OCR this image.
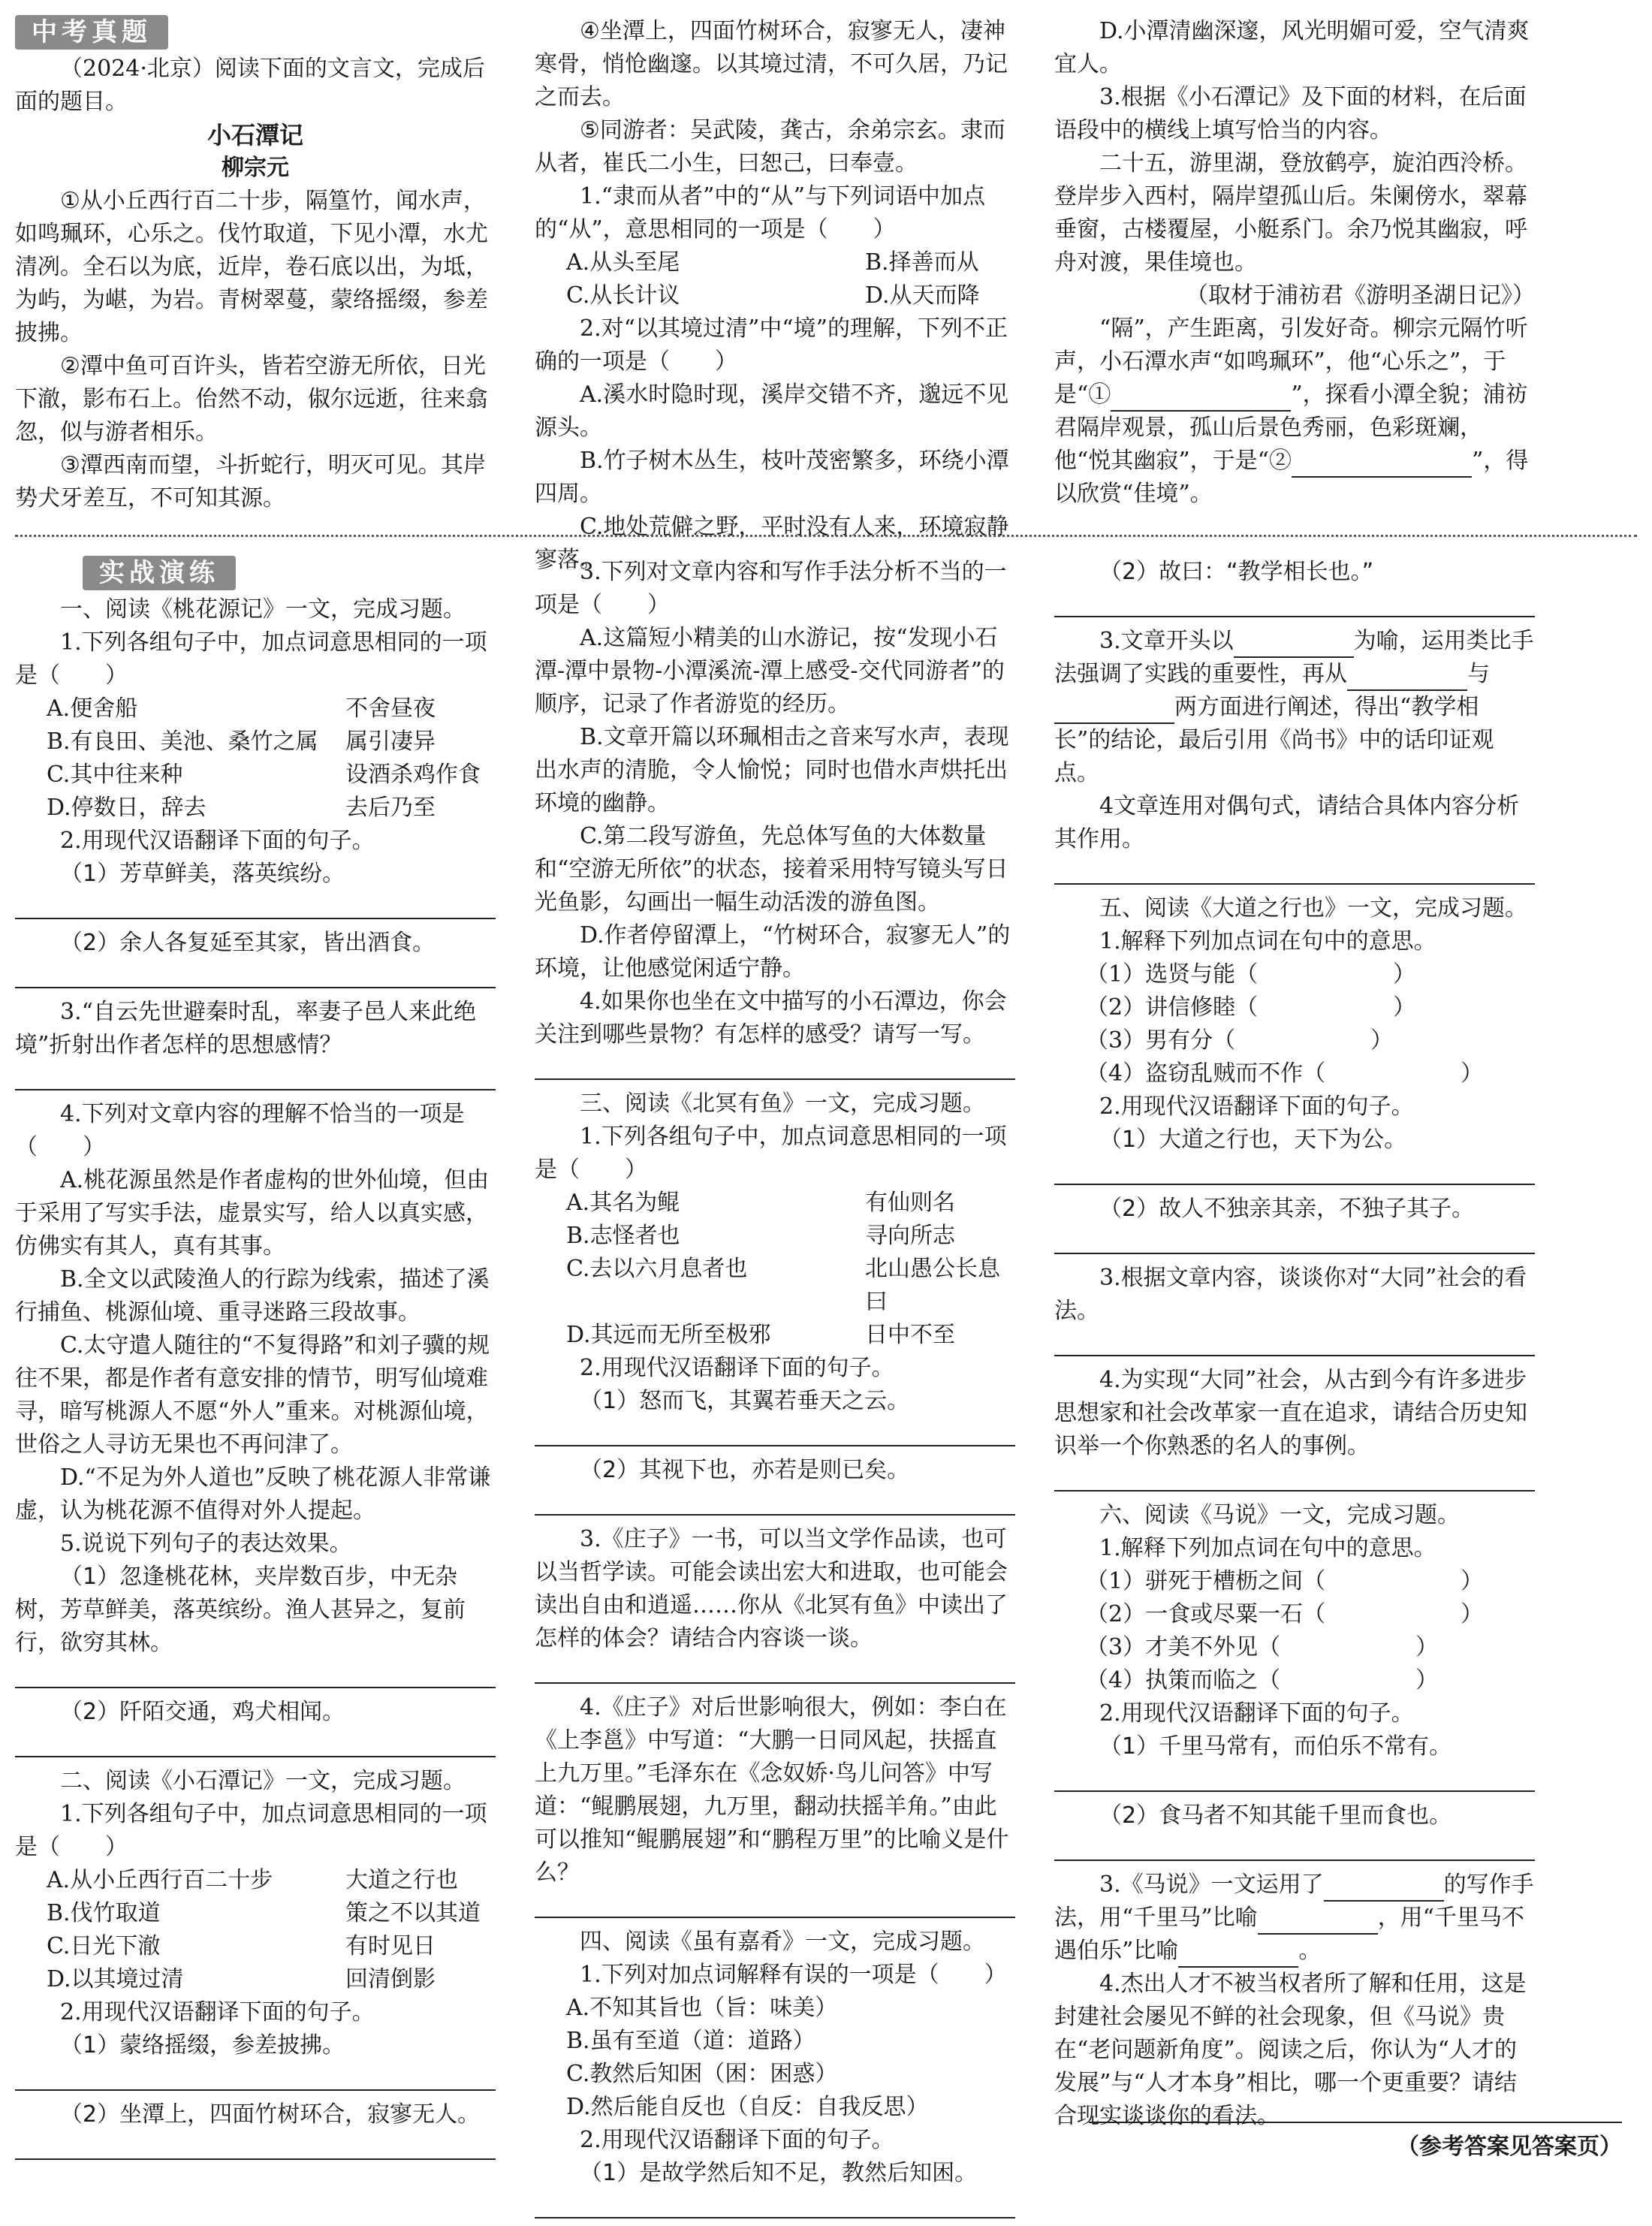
中考真题

（2024·北京）阅读下面的文言文，完成后面的题目。

小石潭记

柳宗元

①从小丘西行百二十步，隔篁竹，闻水声，如鸣珮环，心乐之。伐竹取道，下见小潭，水尤清冽。全石以为底，近岸，卷石底以出，为坻，为屿，为嵁，为岩。青树翠蔓，蒙络摇缀，参差披拂。

②潭中鱼可百许头，皆若空游无所依，日光下澈，影布石上。佁然不动，俶尔远逝，往来翕忽，似与游者相乐。

③潭西南而望，斗折蛇行，明灭可见。其岸势犬牙差互，不可知其源。

④坐潭上，四面竹树环合，寂寥无人，凄神寒骨，悄怆幽邃。以其境过清，不可久居，乃记之而去。

⑤同游者：吴武陵，龚古，余弟宗玄。隶而从者，崔氏二小生，曰恕己，曰奉壹。

1.“隶而从者”中的“从”与下列词语中加点的“从”，意思相同的一项是（　　）

A.从头至尾	B.择善而从
C.从长计议	D.从天而降

2.对“以其境过清”中“境”的理解，下列不正确的一项是（　　）

A.溪水时隐时现，溪岸交错不齐，邈远不见源头。

B.竹子树木丛生，枝叶茂密繁多，环绕小潭四周。

C.地处荒僻之野，平时没有人来，环境寂静寥落。

D.小潭清幽深邃，风光明媚可爱，空气清爽宜人。

3.根据《小石潭记》及下面的材料，在后面语段中的横线上填写恰当的内容。

二十五，游里湖，登放鹤亭，旋泊西泠桥。登岸步入西村，隔岸望孤山后。朱阑傍水，翠幕垂窗，古楼覆屋，小艇系门。余乃悦其幽寂，呼舟对渡，果佳境也。

（取材于浦祊君《游明圣湖日记》）

“隔”，产生距离，引发好奇。柳宗元隔竹听声，小石潭水声“如鸣珮环”，他“心乐之”，于是“①	”，探看小潭全貌；浦祊君隔岸观景，孤山后景色秀丽，色彩斑斓，他“悦其幽寂”，于是“②	”，得以欣赏“佳境”。

实战演练

一、阅读《桃花源记》一文，完成习题。

1.下列各组句子中，加点词意思相同的一项是（　　）

A.便舍船	不舍昼夜
B.有良田、美池、桑竹之属 属引凄异
C.其中往来种	设酒杀鸡作食
D.停数日，辞去	去后乃至

2.用现代汉语翻译下面的句子。

（1）芳草鲜美，落英缤纷。

（2）余人各复延至其家，皆出酒食。

3.“自云先世避秦时乱，率妻子邑人来此绝境”折射出作者怎样的思想感情？

4.下列对文章内容的理解不恰当的一项是（　　）

A.桃花源虽然是作者虚构的世外仙境，但由于采用了写实手法，虚景实写，给人以真实感，仿佛实有其人，真有其事。

B.全文以武陵渔人的行踪为线索，描述了溪行捕鱼、桃源仙境、重寻迷路三段故事。

C.太守遣人随往的“不复得路”和刘子骥的规往不果，都是作者有意安排的情节，明写仙境难寻，暗写桃源人不愿“外人”重来。对桃源仙境，世俗之人寻访无果也不再问津了。

D.“不足为外人道也”反映了桃花源人非常谦虚，认为桃花源不值得对外人提起。

5.说说下列句子的表达效果。

（1）忽逢桃花林，夹岸数百步，中无杂树，芳草鲜美，落英缤纷。渔人甚异之，复前行，欲穷其林。

（2）阡陌交通，鸡犬相闻。

二、阅读《小石潭记》一文，完成习题。

1.下列各组句子中，加点词意思相同的一项是（　　）

A.从小丘西行百二十步	大道之行也
B.伐竹取道	策之不以其道
C.日光下澈	有时见日
D.以其境过清	回清倒影

2.用现代汉语翻译下面的句子。

（1）蒙络摇缀，参差披拂。

（2）坐潭上，四面竹树环合，寂寥无人。

3.下列对文章内容和写作手法分析不当的一项是（　　）

A.这篇短小精美的山水游记，按“发现小石潭-潭中景物-小潭溪流-潭上感受-交代同游者”的顺序，记录了作者游览的经历。

B.文章开篇以环珮相击之音来写水声，表现出水声的清脆，令人愉悦；同时也借水声烘托出环境的幽静。

C.第二段写游鱼，先总体写鱼的大体数量和“空游无所依”的状态，接着采用特写镜头写日光鱼影，勾画出一幅生动活泼的游鱼图。

D.作者停留潭上，“竹树环合，寂寥无人”的环境，让他感觉闲适宁静。

4.如果你也坐在文中描写的小石潭边，你会关注到哪些景物？有怎样的感受？请写一写。

三、阅读《北冥有鱼》一文，完成习题。

1.下列各组句子中，加点词意思相同的一项是（　　）

A.其名为鲲	有仙则名
B.志怪者也	寻向所志
C.去以六月息者也	北山愚公长息曰
D.其远而无所至极邪	日中不至

2.用现代汉语翻译下面的句子。

（1）怒而飞，其翼若垂天之云。

（2）其视下也，亦若是则已矣。

3.《庄子》一书，可以当文学作品读，也可以当哲学读。可能会读出宏大和进取，也可能会读出自由和逍遥……你从《北冥有鱼》中读出了怎样的体会？请结合内容谈一谈。

4.《庄子》对后世影响很大，例如：李白在《上李邕》中写道：“大鹏一日同风起，扶摇直上九万里。”毛泽东在《念奴娇·鸟儿问答》中写道：“鲲鹏展翅，九万里，翻动扶摇羊角。”由此可以推知“鲲鹏展翅”和“鹏程万里”的比喻义是什么？

四、阅读《虽有嘉肴》一文，完成习题。

1.下列对加点词解释有误的一项是（　　）

A.不知其旨也（旨：味美）

B.虽有至道（道：道路）

C.教然后知困（困：困惑）

D.然后能自反也（自反：自我反思）

2.用现代汉语翻译下面的句子。

（1）是故学然后知不足，教然后知困。

（2）故曰：“教学相长也。”

3.文章开头以	为喻，运用类比手法强调了实践的重要性，再从	与两方面进行阐述，得出“教学相长”的结论，最后引用《尚书》中的话印证观点。

4文章连用对偶句式，请结合具体内容分析其作用。

五、阅读《大道之行也》一文，完成习题。

1.解释下列加点词在句中的意思。

（1）选贤与能（　　　　　　）

（2）讲信修睦（　　　　　　）

（3）男有分（　　　　　　）

（4）盗窃乱贼而不作（　　　　　　）

2.用现代汉语翻译下面的句子。

（1）大道之行也，天下为公。

（2）故人不独亲其亲，不独子其子。

3.根据文章内容，谈谈你对“大同”社会的看法。

4.为实现“大同”社会，从古到今有许多进步思想家和社会改革家一直在追求，请结合历史知识举一个你熟悉的名人的事例。

六、阅读《马说》一文，完成习题。

1.解释下列加点词在句中的意思。

（1）骈死于槽枥之间（　　　　　　）

（2）一食或尽粟一石（　　　　　　）

（3）才美不外见（　　　　　　）

（4）执策而临之（　　　　　　）

2.用现代汉语翻译下面的句子。

（1）千里马常有，而伯乐不常有。

（2）食马者不知其能千里而食也。

3.《马说》一文运用了	的写作手法，用“千里马”比喻	，用“千里马不遇伯乐”比喻	。

4.杰出人才不被当权者所了解和任用，这是封建社会屡见不鲜的社会现象，但《马说》贵在“老问题新角度”。阅读之后，你认为“人才的发展”与“人才本身”相比，哪一个更重要？请结合现实谈谈你的看法。

（参考答案见答案页）
